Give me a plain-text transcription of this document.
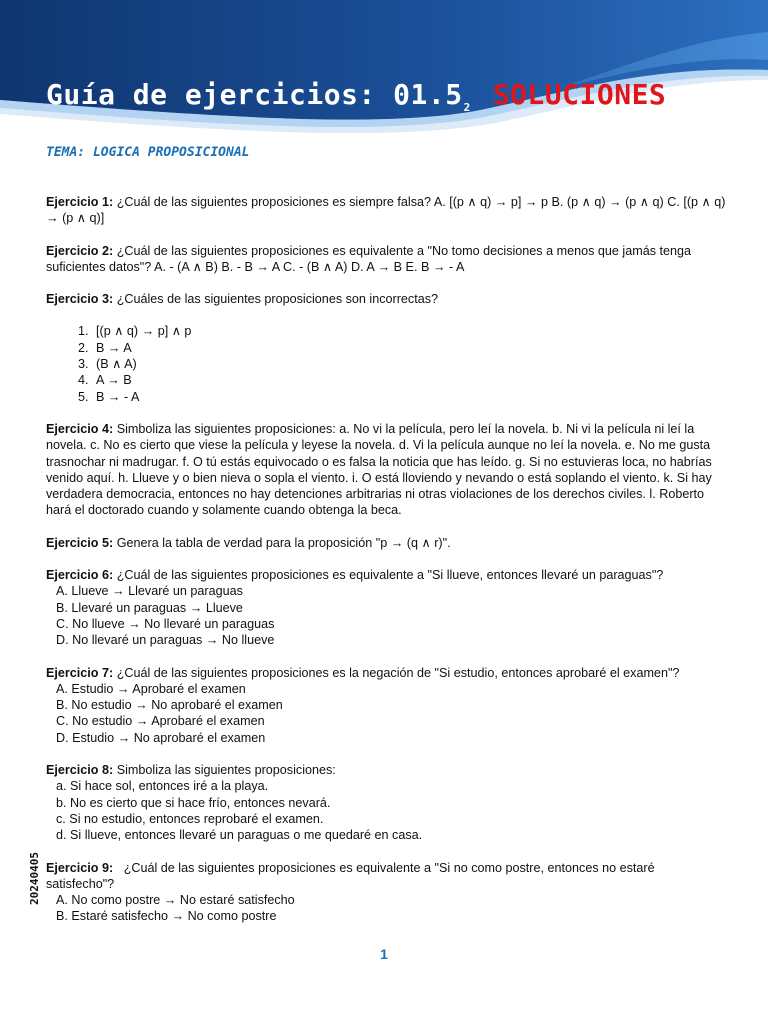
Guía de ejercicios: $01.5_2$ SOLUCIONES
TEMA: LOGICA PROPOSICIONAL

Ejercicio 1: ¿Cuál de las siguientes proposiciones es siempre falsa? A. [(p ∧ q) → p] → p B. (p ∧ q) → (p ∧ q) C. [(p ∧ q) → (p ∧ q)]

Ejercicio 2: ¿Cuál de las siguientes proposiciones es equivalente a "No tomo decisiones a menos que jamás tenga suficientes datos"? A. - (A ∧ B) B. - B → A C. - (B ∧ A) D. A → B E. B → - A

Ejercicio 3: ¿Cuáles de las siguientes proposiciones son incorrectas?

1. [(p ∧ q) → p] ∧ p
2. B → A
3. (B ∧ A)
4. A → B
5. B → - A

Ejercicio 4: Simboliza las siguientes proposiciones: a. No vi la película, pero leí la novela. b. Ni vi la película ni leí la novela. c. No es cierto que viese la película y leyese la novela. d. Vi la película aunque no leí la novela. e. No me gusta trasnochar ni madrugar. f. O tú estás equivocado o es falsa la noticia que has leído. g. Si no estuvieras loca, no habrías venido aquí. h. Llueve y o bien nieva o sopla el viento. i. O está lloviendo y nevando o está soplando el viento. k. Si hay verdadera democracia, entonces no hay detenciones arbitrarias ni otras violaciones de los derechos civiles. l. Roberto hará el doctorado cuando y solamente cuando obtenga la beca.

Ejercicio 5: Genera la tabla de verdad para la proposición "p → (q ∧ r)".

Ejercicio 6: ¿Cuál de las siguientes proposiciones es equivalente a "Si llueve, entonces llevaré un paraguas"?
A. Llueve → Llevaré un paraguas
B. Llevaré un paraguas → Llueve
C. No llueve → No llevaré un paraguas
D. No llevaré un paraguas → No llueve
Ejercicio 7: ¿Cuál de las siguientes proposiciones es la negación de "Si estudio, entonces aprobaré el examen"?
A. Estudio → Aprobaré el examen
B. No estudio → No aprobaré el examen
C. No estudio → Aprobaré el examen
D. Estudio → No aprobaré el examen
Ejercicio 8: Simboliza las siguientes proposiciones:
a. Si hace sol, entonces iré a la playa.
b. No es cierto que si hace frío, entonces nevará.
c. Si no estudio, entonces reprobaré el examen.
d. Si llueve, entonces llevaré un paraguas o me quedaré en casa.
Ejercicio 9:   ¿Cuál de las siguientes proposiciones es equivalente a "Si no como postre, entonces no estaré satisfecho"?
A. No como postre → No estaré satisfecho
B. Estaré satisfecho → No como postre
20240405
1
